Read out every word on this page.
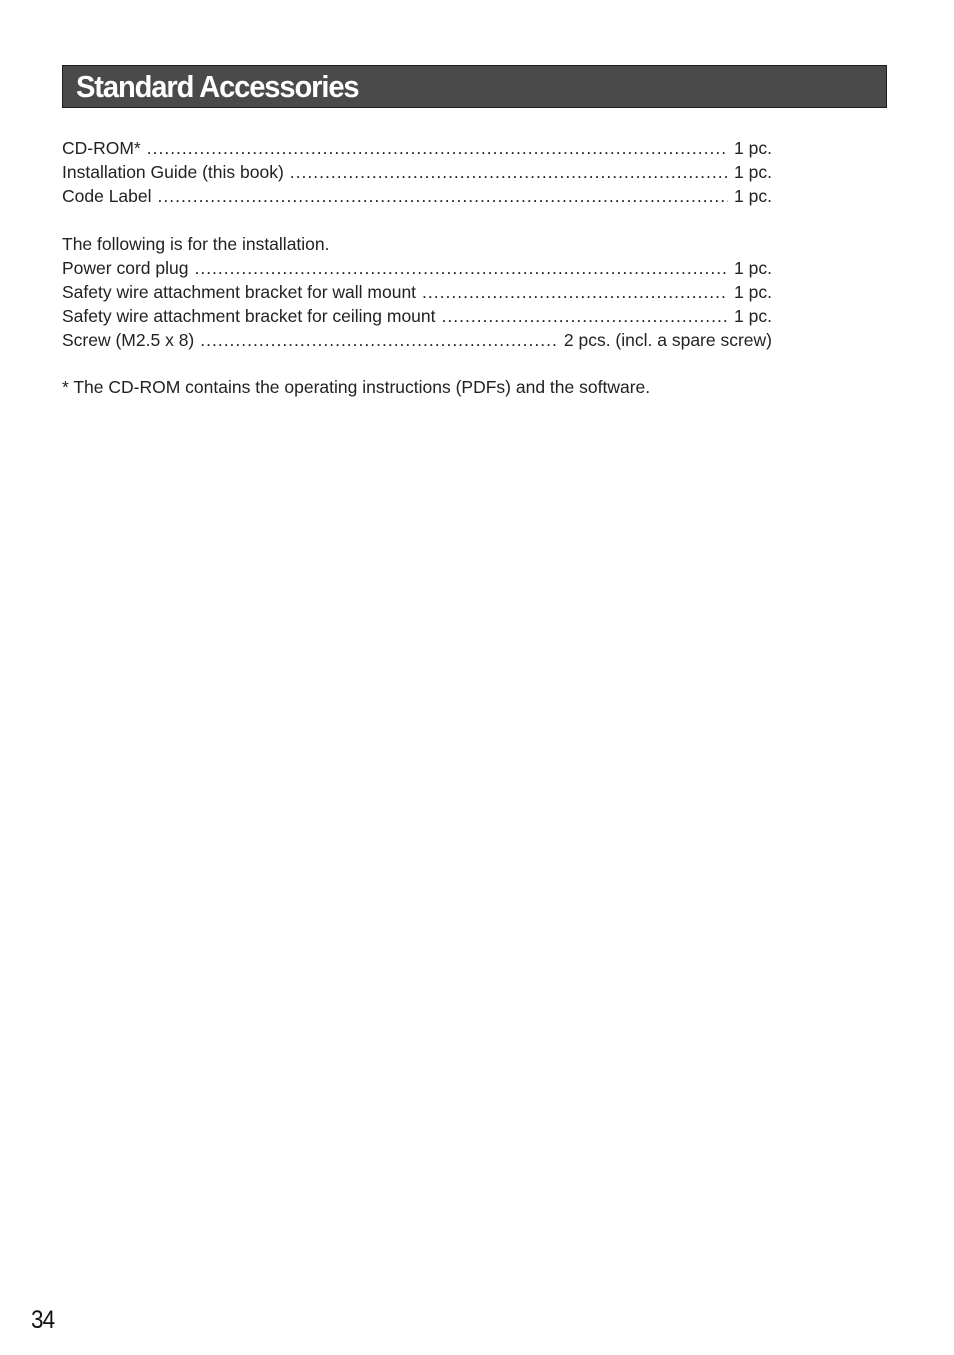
Standard Accessories
CD-ROM* .....	1 pc.
Installation Guide (this book) .....	1 pc.
Code Label .....	1 pc.
The following is for the installation.
Power cord plug .....	1 pc.
Safety wire attachment bracket for wall mount .....	1 pc.
Safety wire attachment bracket for ceiling mount .....	1 pc.
Screw (M2.5 x 8) .....	2 pcs. (incl. a spare screw)
* The CD-ROM contains the operating instructions (PDFs) and the software.
34
